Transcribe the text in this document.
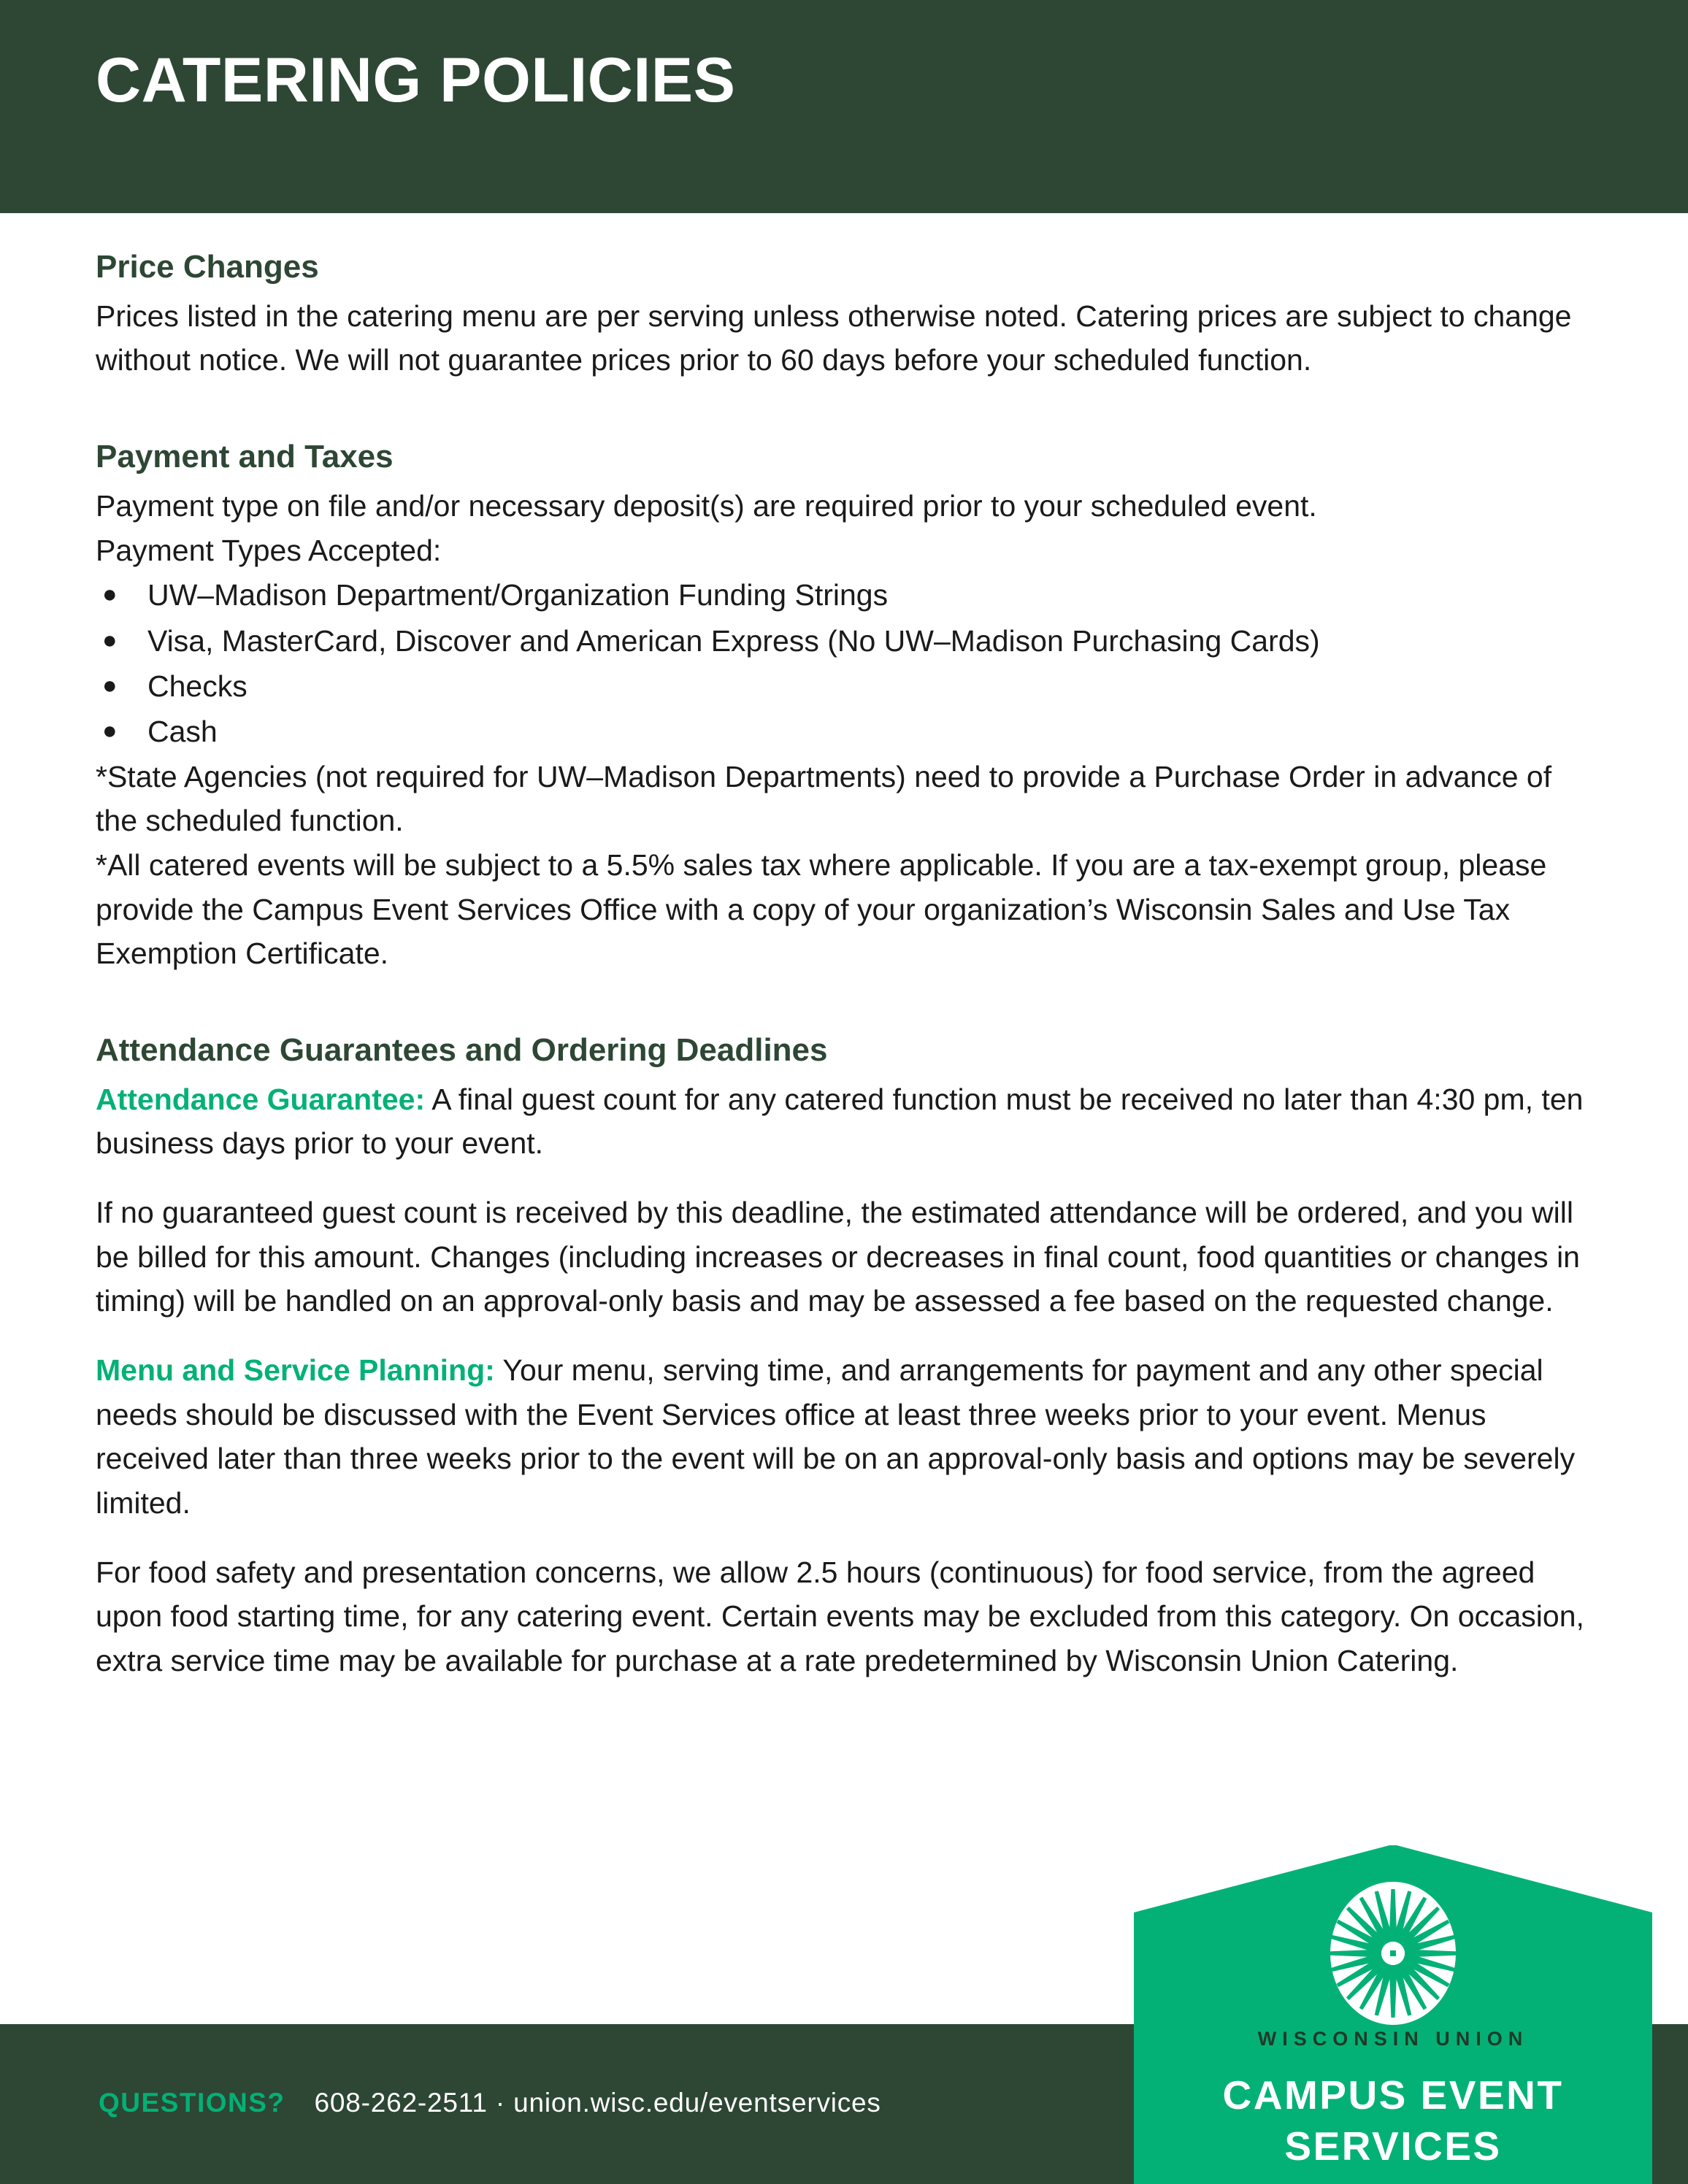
CATERING POLICIES
Price Changes

Prices listed in the catering menu are per serving unless otherwise noted. Catering prices are subject to change without notice. We will not guarantee prices prior to 60 days before your scheduled function.

Payment and Taxes

Payment type on file and/or necessary deposit(s) are required prior to your scheduled event.

Payment Types Accepted:

● UW–Madison Department/Organization Funding Strings
● Visa, MasterCard, Discover and American Express (No UW–Madison Purchasing Cards)
● Checks
● Cash

*State Agencies (not required for UW–Madison Departments) need to provide a Purchase Order in advance of the scheduled function.

*All catered events will be subject to a 5.5% sales tax where applicable. If you are a tax-exempt group, please provide the Campus Event Services Office with a copy of your organization’s Wisconsin Sales and Use Tax Exemption Certificate.

Attendance Guarantees and Ordering Deadlines

Attendance Guarantee: A final guest count for any catered function must be received no later than 4:30 pm, ten business days prior to your event.

If no guaranteed guest count is received by this deadline, the estimated attendance will be ordered, and you will be billed for this amount. Changes (including increases or decreases in final count, food quantities or changes in timing) will be handled on an approval-only basis and may be assessed a fee based on the requested change.

Menu and Service Planning: Your menu, serving time, and arrangements for payment and any other special needs should be discussed with the Event Services office at least three weeks prior to your event. Menus received later than three weeks prior to the event will be on an approval-only basis and options may be severely limited.

For food safety and presentation concerns, we allow 2.5 hours (continuous) for food service, from the agreed upon food starting time, for any catering event. Certain events may be excluded from this category. On occasion, extra service time may be available for purchase at a rate predetermined by Wisconsin Union Catering.

QUESTIONS? 608-262-2511 · union.wisc.edu/eventservices
WISCONSIN UNION
CAMPUS EVENT
SERVICES
